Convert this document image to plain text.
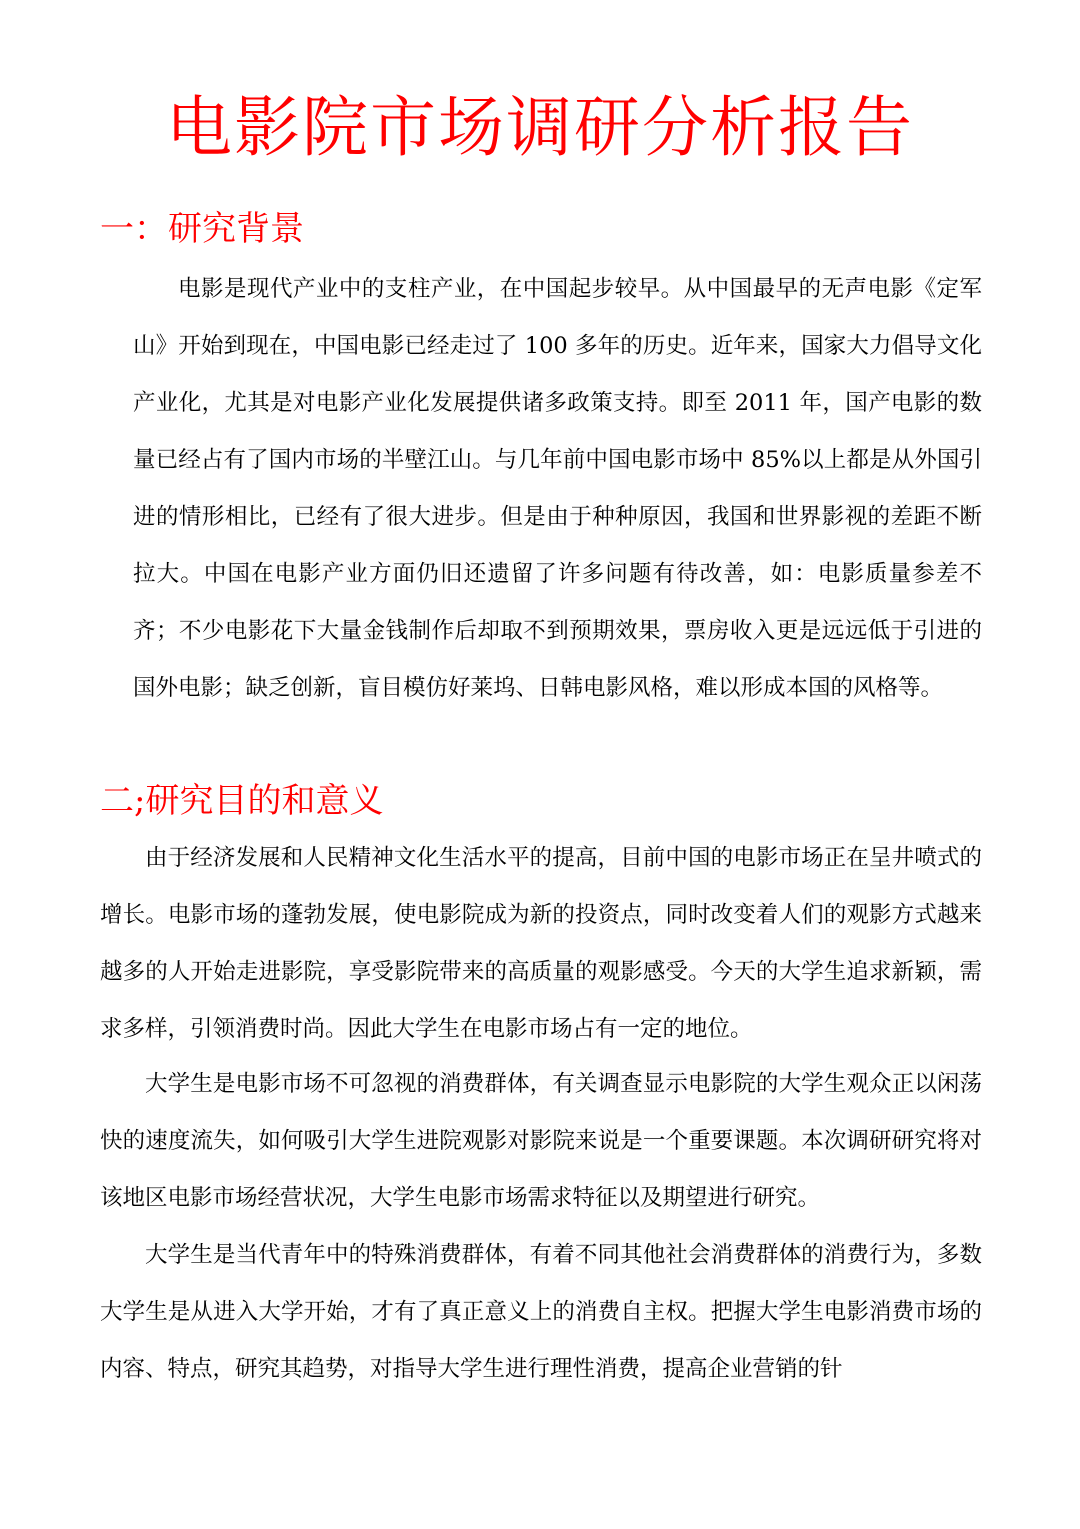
电影院市场调研分析报告
一：研究背景

电影是现代产业中的支柱产业，在中国起步较早。从中国最早的无声电影《定军山》开始到现在，中国电影已经走过了 100 多年的历史。近年来，国家大力倡导文化产业化，尤其是对电影产业化发展提供诸多政策支持。即至 2011 年，国产电影的数量已经占有了国内市场的半壁江山。与几年前中国电影市场中 85%以上都是从外国引进的情形相比，已经有了很大进步。但是由于种种原因，我国和世界影视的差距不断拉大。中国在电影产业方面仍旧还遗留了许多问题有待改善，如：电影质量参差不齐；不少电影花下大量金钱制作后却取不到预期效果，票房收入更是远远低于引进的国外电影；缺乏创新，盲目模仿好莱坞、日韩电影风格，难以形成本国的风格等。

二;研究目的和意义

由于经济发展和人民精神文化生活水平的提高，目前中国的电影市场正在呈井喷式的增长。电影市场的蓬勃发展，使电影院成为新的投资点，同时改变着人们的观影方式越来越多的人开始走进影院，享受影院带来的高质量的观影感受。今天的大学生追求新颖，需求多样，引领消费时尚。因此大学生在电影市场占有一定的地位。

大学生是电影市场不可忽视的消费群体，有关调查显示电影院的大学生观众正以闲荡快的速度流失，如何吸引大学生进院观影对影院来说是一个重要课题。本次调研研究将对该地区电影市场经营状况，大学生电影市场需求特征以及期望进行研究。

大学生是当代青年中的特殊消费群体，有着不同其他社会消费群体的消费行为，多数大学生是从进入大学开始，才有了真正意义上的消费自主权。把握大学生电影消费市场的内容、特点，研究其趋势，对指导大学生进行理性消费，提高企业营销的针
